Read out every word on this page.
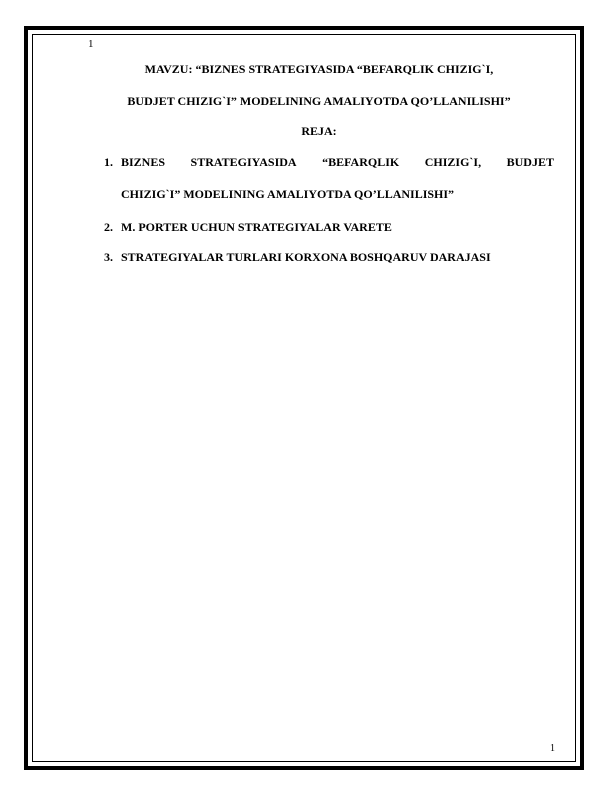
1
MAVZU: “BIZNES STRATEGIYASIDA “BEFARQLIK CHIZIG`I,
BUDJET CHIZIG`I” MODELINING AMALIYOTDA QO’LLANILISHI”
REJA:
1. BIZNES STRATEGIYASIDA “BEFARQLIK CHIZIG`I, BUDJET
CHIZIG`I” MODELINING AMALIYOTDA QO’LLANILISHI”
2. M. PORTER UCHUN STRATEGIYALAR VARETE
3. STRATEGIYALAR TURLARI KORXONA BOSHQARUV DARAJASI
1
